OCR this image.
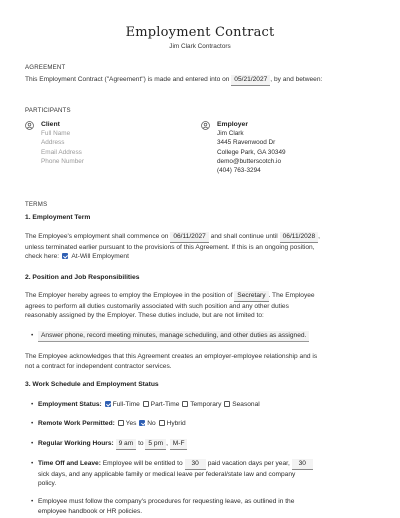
Employment Contract
Jim Clark Contractors
AGREEMENT
This Employment Contract ("Agreement") is made and entered into on 05/21/2027 , by and between:
PARTICIPANTS
Client
Full Name
Address
Email Address
Phone Number
Employer
Jim Clark
3445 Ravenwood Dr
College Park, GA 30349
demo@butterscotch.io
(404) 763-3294
TERMS
1. Employment Term
The Employee's employment shall commence on 06/11/2027 and shall continue until 06/11/2028 ,
unless terminated earlier pursuant to the provisions of this Agreement. If this is an ongoing position,
check here: At-Will Employment
2. Position and Job Responsibilities
The Employer hereby agrees to employ the Employee in the position of Secretary . The Employee
agrees to perform all duties customarily associated with such position and any other duties
reasonably assigned by the Employer. These duties include, but are not limited to:
• Answer phone, record meeting minutes, manage scheduling, and other duties as assigned.
The Employee acknowledges that this Agreement creates an employer-employee relationship and is
not a contract for independent contractor services.
3. Work Schedule and Employment Status
• Employment Status: Full-Time Part-Time Temporary Seasonal
• Remote Work Permitted: Yes No Hybrid
• Regular Working Hours: 9 am to 5 pm , M-F
• Time Off and Leave: Employee will be entitled to 30 paid vacation days per year, 30
sick days, and any applicable family or medical leave per federal/state law and company
policy.
• Employee must follow the company's procedures for requesting leave, as outlined in the
employee handbook or HR policies.
